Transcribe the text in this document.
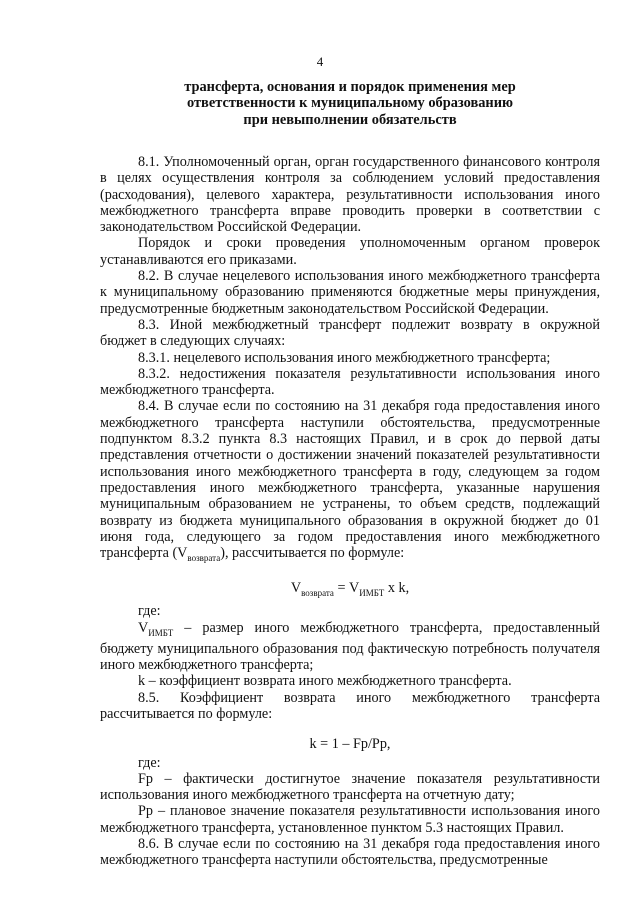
4
трансферта, основания и порядок применения мер
ответственности к муниципальному образованию
при невыполнении обязательств

8.1. Уполномоченный орган, орган государственного финансового контроля в целях осуществления контроля за соблюдением условий предоставления (расходования), целевого характера, результативности использования иного межбюджетного трансферта вправе проводить проверки в соответствии с законодательством Российской Федерации.

Порядок и сроки проведения уполномоченным органом проверок устанавливаются его приказами.

8.2. В случае нецелевого использования иного межбюджетного трансферта к муниципальному образованию применяются бюджетные меры принуждения, предусмотренные бюджетным законодательством Российской Федерации.

8.3. Иной межбюджетный трансферт подлежит возврату в окружной бюджет в следующих случаях:

8.3.1. нецелевого использования иного межбюджетного трансферта;

8.3.2. недостижения показателя результативности использования иного межбюджетного трансферта.

8.4. В случае если по состоянию на 31 декабря года предоставления иного межбюджетного трансферта наступили обстоятельства, предусмотренные подпунктом 8.3.2 пункта 8.3 настоящих Правил, и в срок до первой даты представления отчетности о достижении значений показателей результативности использования иного межбюджетного трансферта в году, следующем за годом предоставления иного межбюджетного трансферта, указанные нарушения муниципальным образованием не устранены, то объем средств, подлежащий возврату из бюджета муниципального образования в окружной бюджет до 01 июня года, следующего за годом предоставления иного межбюджетного трансферта $(V_{возврата})$, рассчитывается по формуле:

$V_{возврата} = V_{ИМБТ}$ x k,

где:

$V_{ИМБТ}$ – размер иного межбюджетного трансферта, предоставленный бюджету муниципального образования под фактическую потребность получателя иного межбюджетного трансферта;

k – коэффициент возврата иного межбюджетного трансферта.

8.5. Коэффициент возврата иного межбюджетного трансферта рассчитывается по формуле:

k = 1 – Fp/Pp,

где:

Fp – фактически достигнутое значение показателя результативности использования иного межбюджетного трансферта на отчетную дату;

Pp – плановое значение показателя результативности использования иного межбюджетного трансферта, установленное пунктом 5.3 настоящих Правил.

8.6. В случае если по состоянию на 31 декабря года предоставления иного межбюджетного трансферта наступили обстоятельства, предусмотренные
